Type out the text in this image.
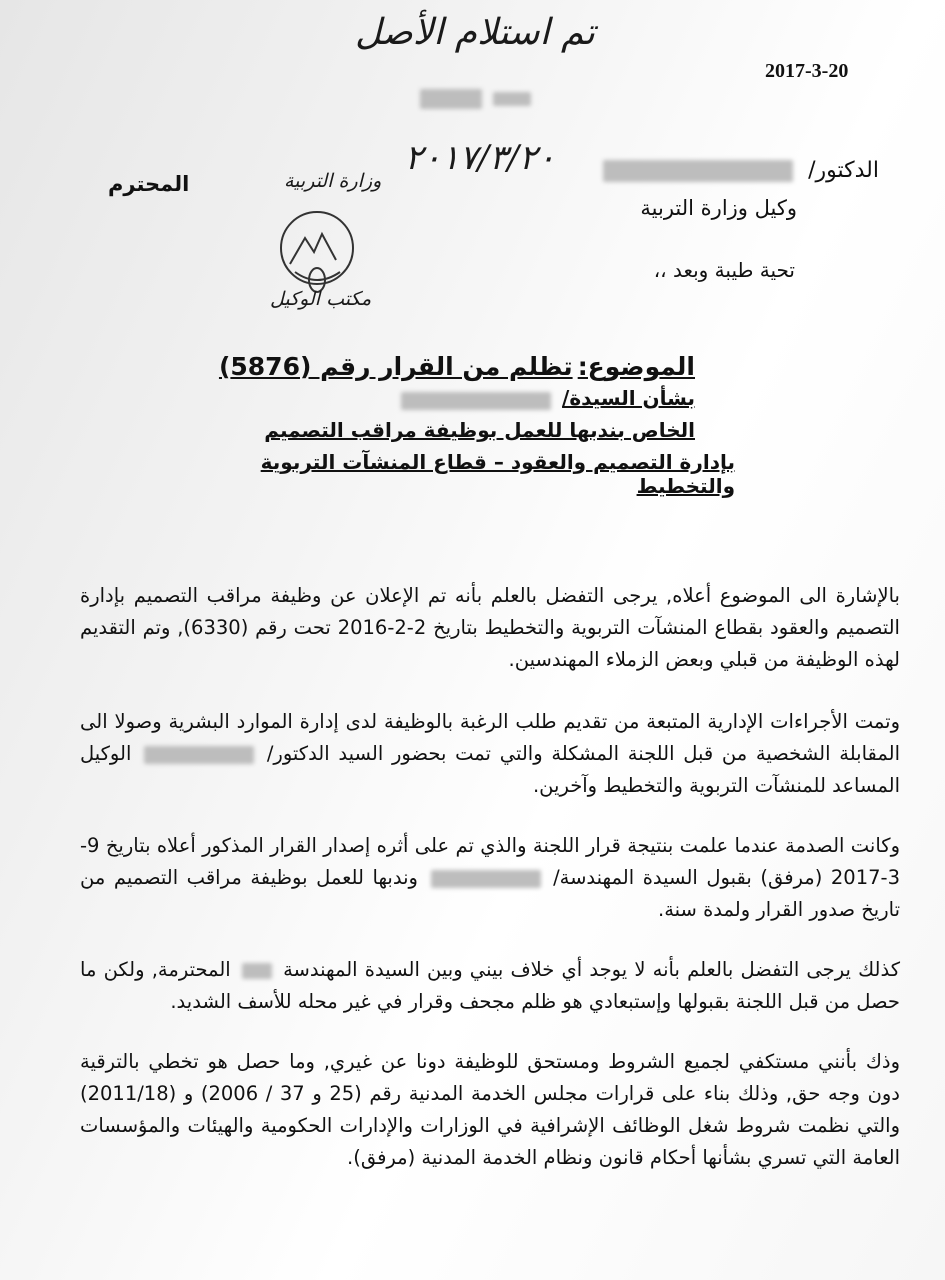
تم استلام الأصل

٢٠١٧/٣/٢٠
2017-3-20
الدكتور/
وكيل وزارة التربية
المحترم	وزارة التربية
مكتب الوكيل
تحية طيبة وبعد ،،
الموضوع: تظلم من القرار رقم (5876)
بشأن السيدة/
الخاص بندبها للعمل بوظيفة مراقب التصميم
بإدارة التصميم والعقود – قطاع المنشآت التربوية والتخطيط
بالإشارة الى الموضوع أعلاه, يرجى التفضل بالعلم بأنه تم الإعلان عن وظيفة مراقب التصميم بإدارة التصميم والعقود بقطاع المنشآت التربوية والتخطيط بتاريخ 2-2-2016 تحت رقم (6330), وتم التقديم لهذه الوظيفة من قبلي وبعض الزملاء المهندسين.
وتمت الأجراءات الإدارية المتبعة من تقديم طلب الرغبة بالوظيفة لدى إدارة الموارد البشرية وصولا الى المقابلة الشخصية من قبل اللجنة المشكلة والتي تمت بحضور السيد الدكتور/  الوكيل المساعد للمنشآت التربوية والتخطيط وآخرين.
وكانت الصدمة عندما علمت بنتيجة قرار اللجنة والذي تم على أثره إصدار القرار المذكور أعلاه بتاريخ 9-3-2017 (مرفق) بقبول السيدة المهندسة/  وندبها للعمل بوظيفة مراقب التصميم من تاريخ صدور القرار ولمدة سنة.
كذلك يرجى التفضل بالعلم بأنه لا يوجد أي خلاف بيني وبين السيدة المهندسة  المحترمة, ولكن ما حصل من قبل اللجنة بقبولها وإستبعادي هو ظلم مجحف وقرار في غير محله للأسف الشديد.
وذك بأنني مستكفي لجميع الشروط ومستحق للوظيفة دونا عن غيري, وما حصل هو تخطي بالترقية دون وجه حق, وذلك بناء على قرارات مجلس الخدمة المدنية رقم (25 و 37 / 2006) و (2011/18) والتي نظمت شروط شغل الوظائف الإشرافية في الوزارات والإدارات الحكومية والهيئات والمؤسسات العامة التي تسري بشأنها أحكام قانون ونظام الخدمة المدنية (مرفق).
